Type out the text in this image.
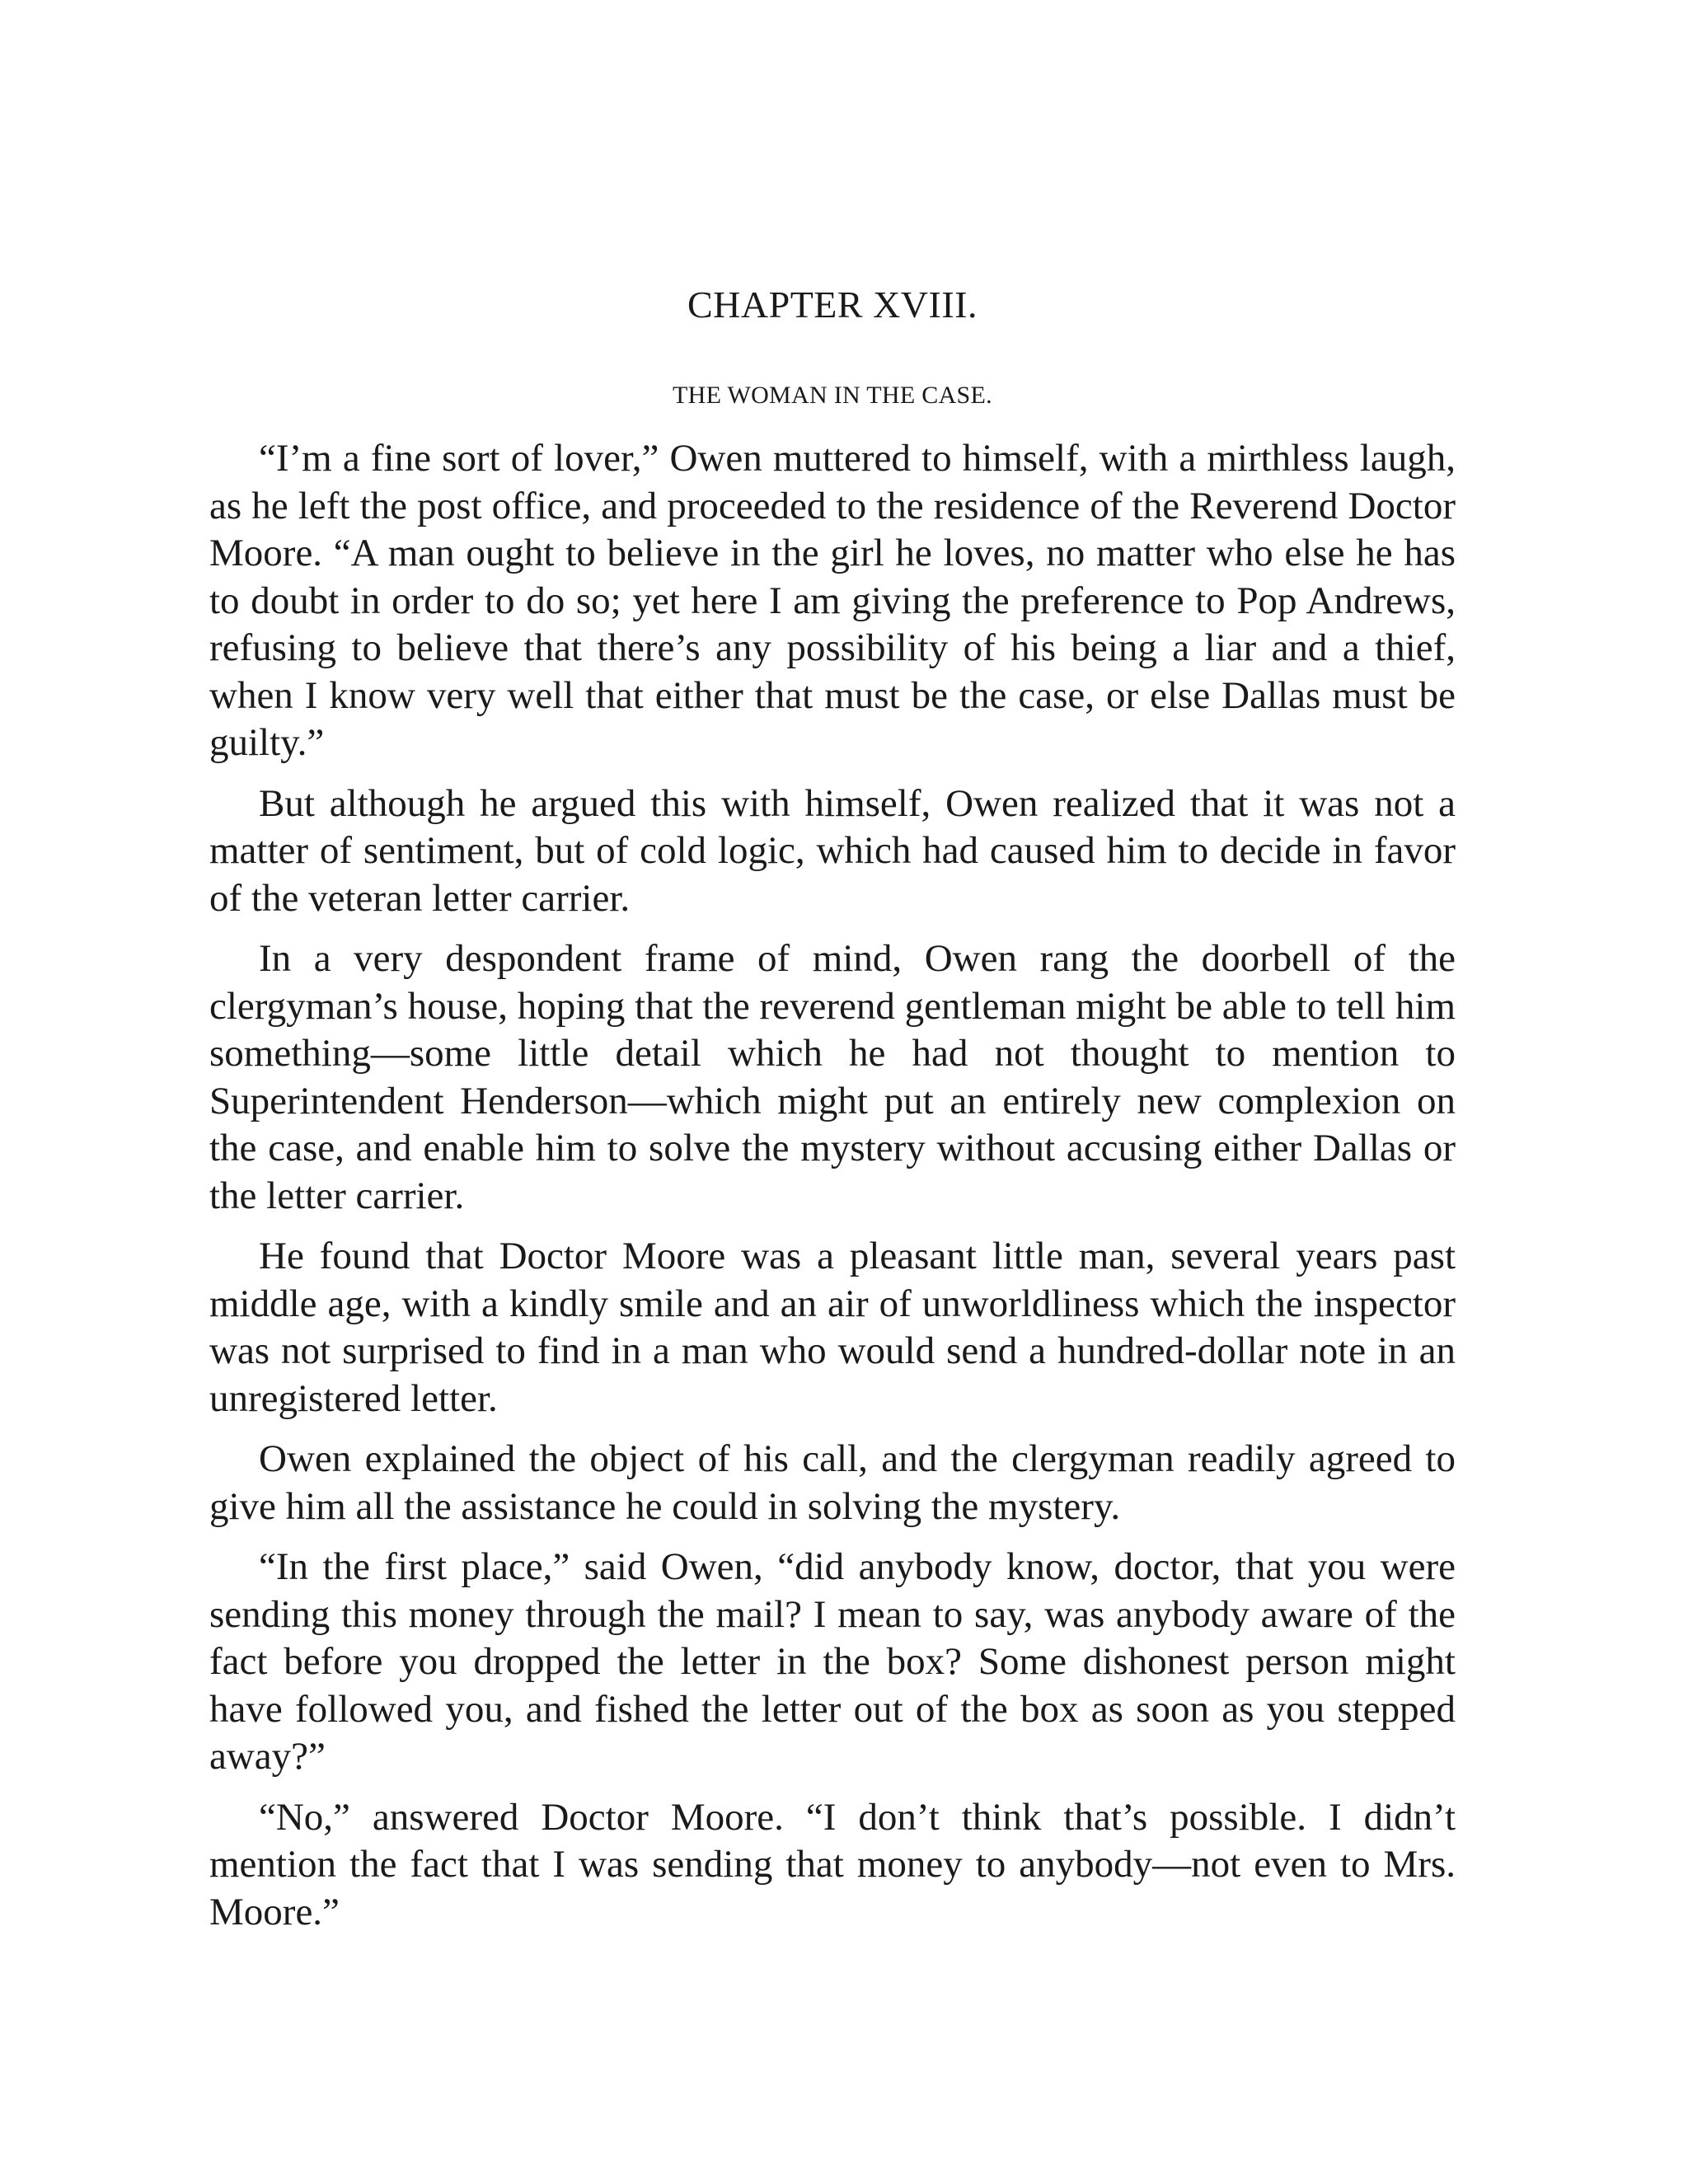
CHAPTER XVIII.
THE WOMAN IN THE CASE.

“I’m a fine sort of lover,” Owen muttered to himself, with a mirthless laugh, as he left the post office, and proceeded to the residence of the Reverend Doctor Moore. “A man ought to believe in the girl he loves, no matter who else he has to doubt in order to do so; yet here I am giving the preference to Pop Andrews, refusing to believe that there’s any possibility of his being a liar and a thief, when I know very well that either that must be the case, or else Dallas must be guilty.”

But although he argued this with himself, Owen realized that it was not a matter of sentiment, but of cold logic, which had caused him to decide in favor of the veteran letter carrier.

In a very despondent frame of mind, Owen rang the doorbell of the clergyman’s house, hoping that the reverend gentleman might be able to tell him something—some little detail which he had not thought to mention to Superintendent Henderson—which might put an entirely new complexion on the case, and enable him to solve the mystery without accusing either Dallas or the letter carrier.

He found that Doctor Moore was a pleasant little man, several years past middle age, with a kindly smile and an air of unworldliness which the inspector was not surprised to find in a man who would send a hundred-dollar note in an unregistered letter.

Owen explained the object of his call, and the clergyman readily agreed to give him all the assistance he could in solving the mystery.

“In the first place,” said Owen, “did anybody know, doctor, that you were sending this money through the mail? I mean to say, was anybody aware of the fact before you dropped the letter in the box? Some dishonest person might have followed you, and fished the letter out of the box as soon as you stepped away?”

“No,” answered Doctor Moore. “I don’t think that’s possible. I didn’t mention the fact that I was sending that money to anybody—not even to Mrs. Moore.”
